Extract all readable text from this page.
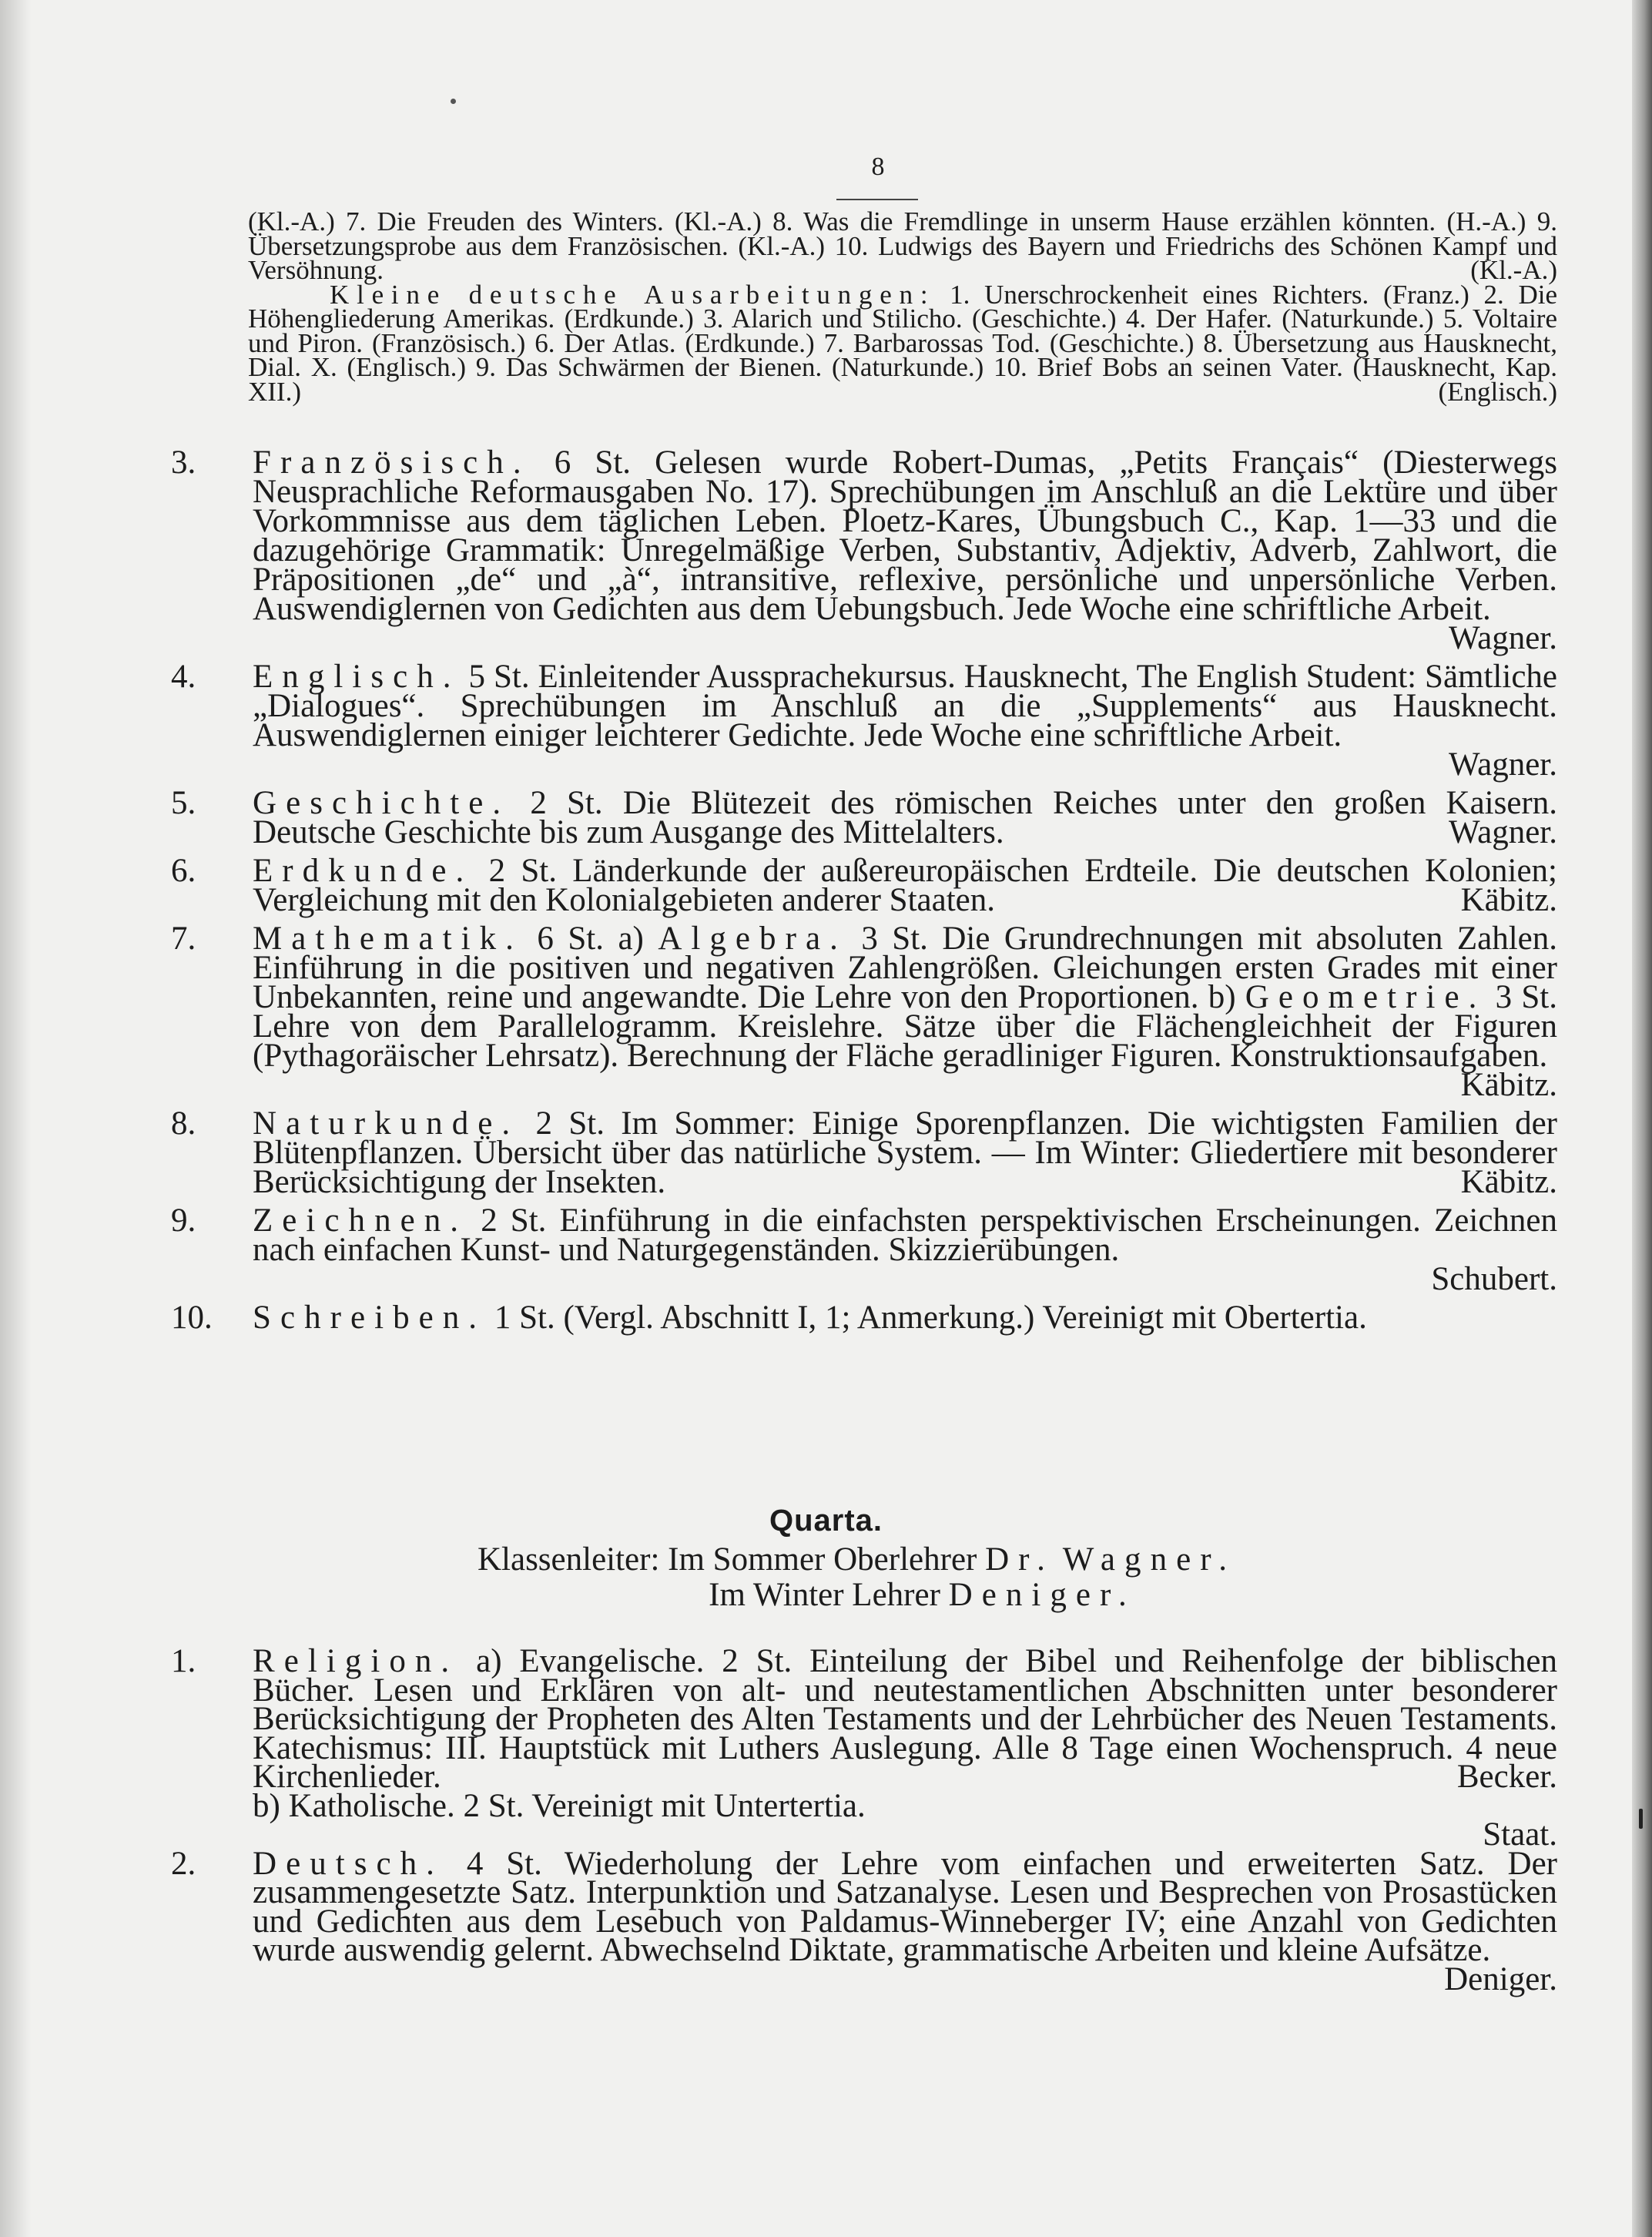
8

(Kl.-A.) 7. Die Freuden des Winters. (Kl.-A.) 8. Was die Fremdlinge in unserm Hause erzählen könnten. (H.-A.) 9. Übersetzungsprobe aus dem Französischen. (Kl.-A.) 10. Ludwigs des Bayern und Friedrichs des Schönen Kampf und Versöhnung. (Kl.-A.)

Kleine deutsche Ausarbeitungen: 1. Unerschrockenheit eines Richters. (Franz.) 2. Die Höhengliederung Amerikas. (Erdkunde.) 3. Alarich und Stilicho. (Geschichte.) 4. Der Hafer. (Naturkunde.) 5. Voltaire und Piron. (Französisch.) 6. Der Atlas. (Erdkunde.) 7. Barbarossas Tod. (Geschichte.) 8. Übersetzung aus Hausknecht, Dial. X. (Englisch.) 9. Das Schwärmen der Bienen. (Naturkunde.) 10. Brief Bobs an seinen Vater. (Hausknecht, Kap. XII.) (Englisch.)

3.	Französisch. 6 St. Gelesen wurde Robert-Dumas, „Petits Français“ (Diesterwegs Neusprachliche Reformausgaben No. 17). Sprechübungen im Anschluß an die Lektüre und über Vorkommnisse aus dem täglichen Leben. Ploetz-Kares, Übungsbuch C., Kap. 1—33 und die dazugehörige Grammatik: Unregelmäßige Verben, Substantiv, Adjektiv, Adverb, Zahlwort, die Präpositionen „de“ und „à“, intransitive, reflexive, persönliche und unpersönliche Verben. Auswendiglernen von Gedichten aus dem Uebungsbuch. Jede Woche eine schriftliche Arbeit.
Wagner.
4.	Englisch. 5 St. Einleitender Aussprachekursus. Hausknecht, The English Student: Sämtliche „Dialogues“. Sprechübungen im Anschluß an die „Supplements“ aus Hausknecht. Auswendiglernen einiger leichterer Gedichte. Jede Woche eine schriftliche Arbeit.
Wagner.
5.	Geschichte. 2 St. Die Blütezeit des römischen Reiches unter den großen Kaisern. Deutsche Geschichte bis zum Ausgange des Mittelalters.	Wagner.
6.	Erdkunde. 2 St. Länderkunde der außereuropäischen Erdteile. Die deutschen Kolonien; Vergleichung mit den Kolonialgebieten anderer Staaten.	Käbitz.
7.	Mathematik. 6 St. a) Algebra. 3 St. Die Grundrechnungen mit absoluten Zahlen. Einführung in die positiven und negativen Zahlengrößen. Gleichungen ersten Grades mit einer Unbekannten, reine und angewandte. Die Lehre von den Proportionen. b) Geometrie. 3 St. Lehre von dem Parallelogramm. Kreislehre. Sätze über die Flächengleichheit der Figuren (Pythagoräischer Lehrsatz). Berechnung der Fläche geradliniger Figuren. Konstruktionsaufgaben.
Käbitz.
8.	Naturkunde. 2 St. Im Sommer: Einige Sporenpflanzen. Die wichtigsten Familien der Blütenpflanzen. Übersicht über das natürliche System. — Im Winter: Gliedertiere mit besonderer Berücksichtigung der Insekten.	Käbitz.
9.	Zeichnen. 2 St. Einführung in die einfachsten perspektivischen Erscheinungen. Zeichnen nach einfachen Kunst- und Naturgegenständen. Skizzierübungen.
Schubert.
10.	Schreiben. 1 St. (Vergl. Abschnitt I, 1; Anmerkung.) Vereinigt mit Obertertia.
Quarta.
Klassenleiter: Im Sommer Oberlehrer Dr. Wagner.
Im Winter Lehrer Deniger.
1.	Religion. a) Evangelische. 2 St. Einteilung der Bibel und Reihenfolge der biblischen Bücher. Lesen und Erklären von alt- und neutestamentlichen Abschnitten unter besonderer Berücksichtigung der Propheten des Alten Testaments und der Lehrbücher des Neuen Testaments. Katechismus: III. Hauptstück mit Luthers Auslegung. Alle 8 Tage einen Wochenspruch. 4 neue Kirchenlieder.	Becker.
b) Katholische. 2 St. Vereinigt mit Untertertia.
Staat.
2.	Deutsch. 4 St. Wiederholung der Lehre vom einfachen und erweiterten Satz. Der zusammengesetzte Satz. Interpunktion und Satzanalyse. Lesen und Besprechen von Prosastücken und Gedichten aus dem Lesebuch von Paldamus-Winneberger IV; eine Anzahl von Gedichten wurde auswendig gelernt. Abwechselnd Diktate, grammatische Arbeiten und kleine Aufsätze.
Deniger.
